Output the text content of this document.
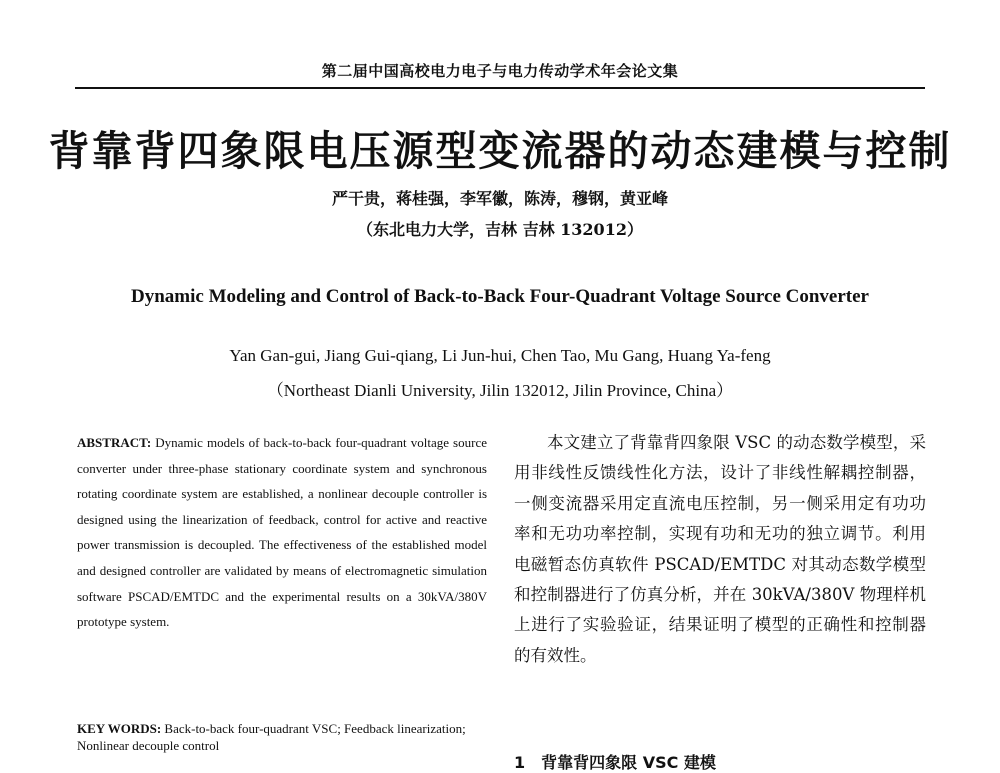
第二届中国高校电力电子与电力传动学术年会论文集
背靠背四象限电压源型变流器的动态建模与控制
严干贵，蒋桂强，李军徽，陈涛，穆钢，黄亚峰
（东北电力大学，吉林 吉林 132012）
Dynamic Modeling and Control of Back-to-Back Four-Quadrant Voltage Source Converter
Yan Gan-gui, Jiang Gui-qiang, Li Jun-hui, Chen Tao, Mu Gang, Huang Ya-feng
（Northeast Dianli University, Jilin 132012, Jilin Province, China）
ABSTRACT: Dynamic models of back-to-back four-quadrant voltage source converter under three-phase stationary coordinate system and synchronous rotating coordinate system are established, a nonlinear decouple controller is designed using the linearization of feedback, control for active and reactive power transmission is decoupled. The effectiveness of the established model and designed controller are validated by means of electromagnetic simulation software PSCAD/EMTDC and the experimental results on a 30kVA/380V prototype system.
KEY WORDS: Back-to-back four-quadrant VSC; Feedback linearization; Nonlinear decouple control
本文建立了背靠背四象限 VSC 的动态数学模型，采用非线性反馈线性化方法，设计了非线性解耦控制器，一侧变流器采用定直流电压控制，另一侧采用定有功功率和无功功率控制，实现有功和无功的独立调节。利用电磁暂态仿真软件 PSCAD/EMTDC 对其动态数学模型和控制器进行了仿真分析，并在 30kVA/380V 物理样机上进行了实验验证，结果证明了模型的正确性和控制器的有效性。
1　背靠背四象限 VSC 建模
